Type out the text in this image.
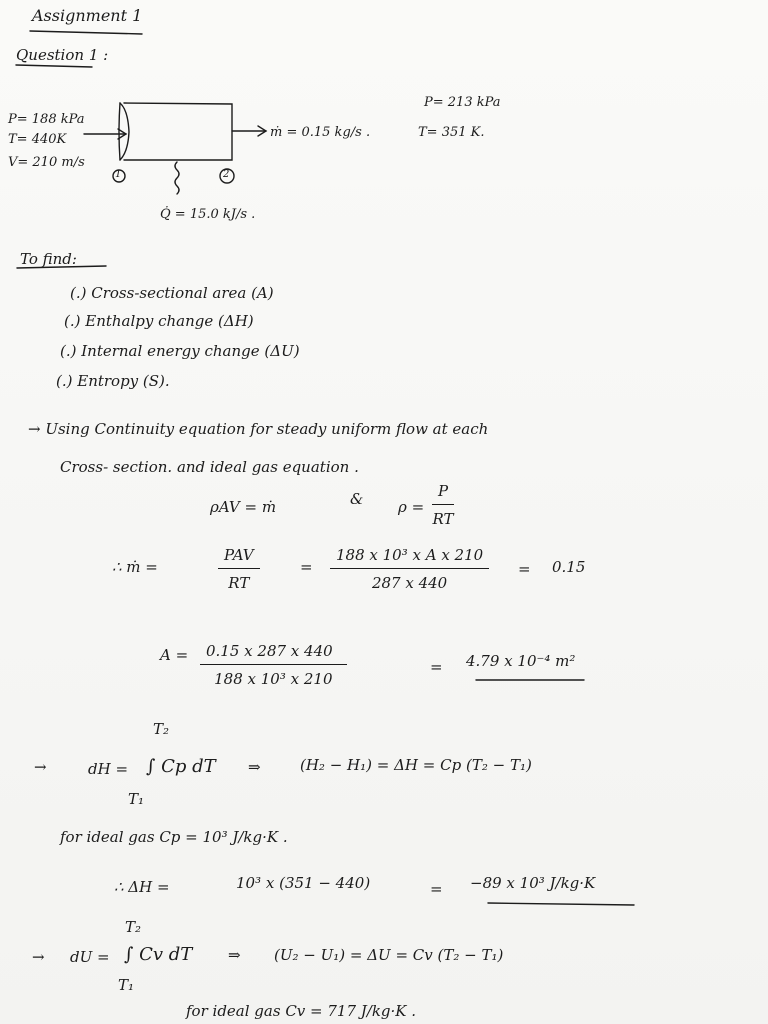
Assignment 1
Question 1 :
P= 188 kPa
T= 440K
V= 210 m/s
1	2
P= 213 kPa
ṁ = 0.15 kg/s .	T= 351 K.
Q̇ = 15.0 kJ/s .
To find:
(.) Cross-sectional area (A)
(.) Enthalpy change (ΔH)
(.) Internal energy change (ΔU)
(.) Entropy (S).
→ Using Continuity equation for steady uniform flow at each
Cross- section. and ideal gas equation .
ρAV = ṁ	& $\rho = \frac{P}{RT}$
∴ ṁ =
PAV
RT
= $\frac{\text{188 x 10³ x A x 210}}{287 x 440} = 0.15$
$A = \frac{0.15 x 287 x 440}{\text{188 x 10³ x 210}}$	= 4.79 x 10⁻⁴ m²
T₂
→	dH = ∫ Cp dT
T₁
⇒	(H₂ − H₁) = ΔH = Cp (T₂ − T₁)
for ideal gas Cp = 10³ J/kg·K .
∴ ΔH =	10³ x (351 − 440)	= −89 x 10³ J/kg·K
T₂
→ dU = ∫ Cv dT
T₁
⇒ (U₂ − U₁) = ΔU = Cv (T₂ − T₁)
for ideal gas Cv = 717 J/kg·K .
